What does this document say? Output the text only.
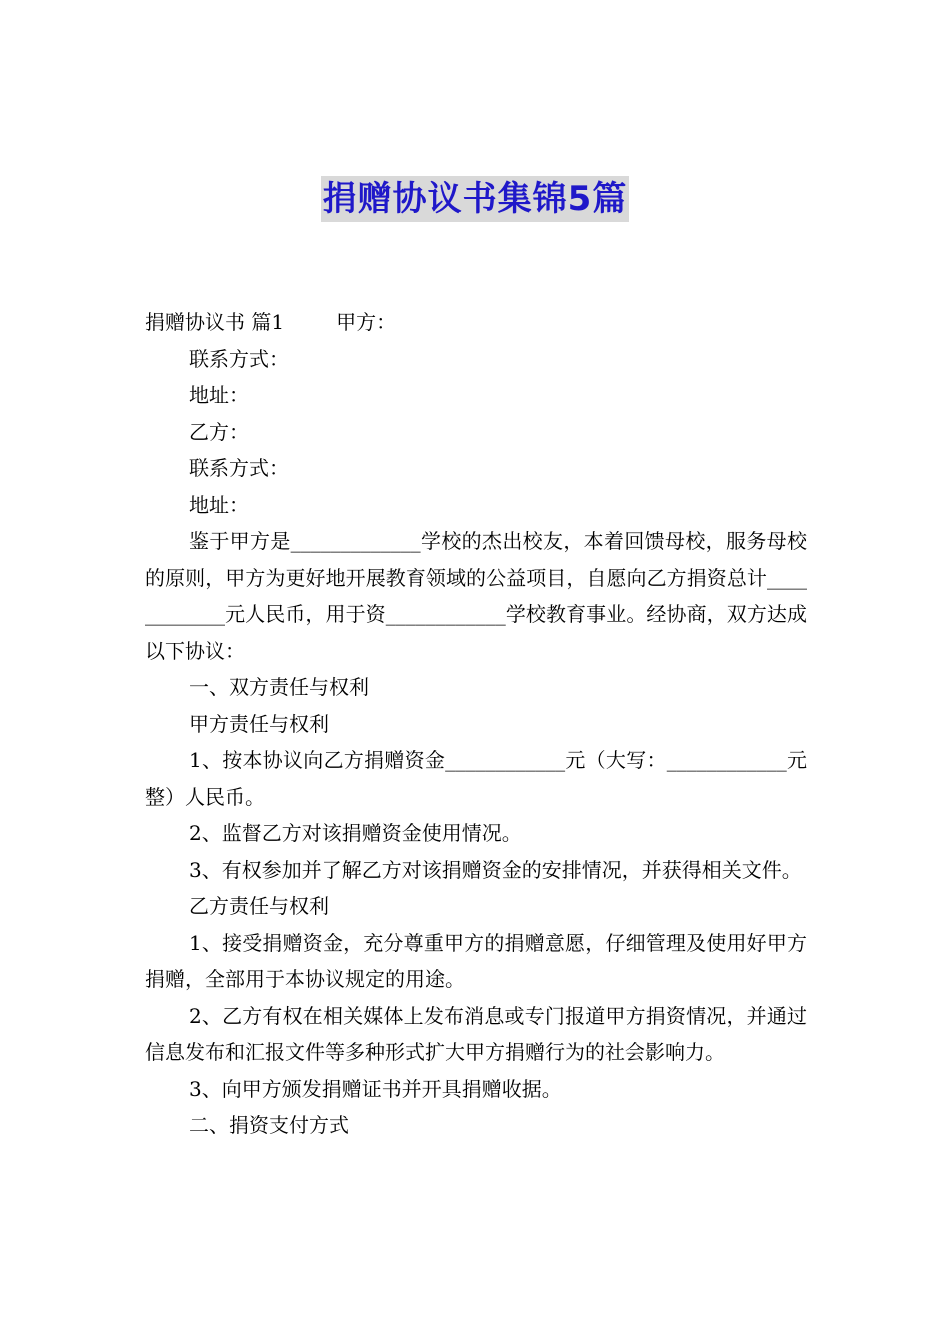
捐赠协议书集锦5篇
捐赠协议书 篇1	甲方：
联系方式：
地址：
乙方：
联系方式：
地址：
鉴于甲方是_____________学校的杰出校友，本着回馈母校，服务母校的原则，甲方为更好地开展教育领域的公益项目，自愿向乙方捐资总计____________元人民币，用于资____________学校教育事业。经协商，双方达成以下协议：
一、双方责任与权利
甲方责任与权利
1、按本协议向乙方捐赠资金____________元（大写：____________元整）人民币。
2、监督乙方对该捐赠资金使用情况。
3、有权参加并了解乙方对该捐赠资金的安排情况，并获得相关文件。
乙方责任与权利
1、接受捐赠资金，充分尊重甲方的捐赠意愿，仔细管理及使用好甲方捐赠，全部用于本协议规定的用途。
2、乙方有权在相关媒体上发布消息或专门报道甲方捐资情况，并通过信息发布和汇报文件等多种形式扩大甲方捐赠行为的社会影响力。
3、向甲方颁发捐赠证书并开具捐赠收据。
二、捐资支付方式
